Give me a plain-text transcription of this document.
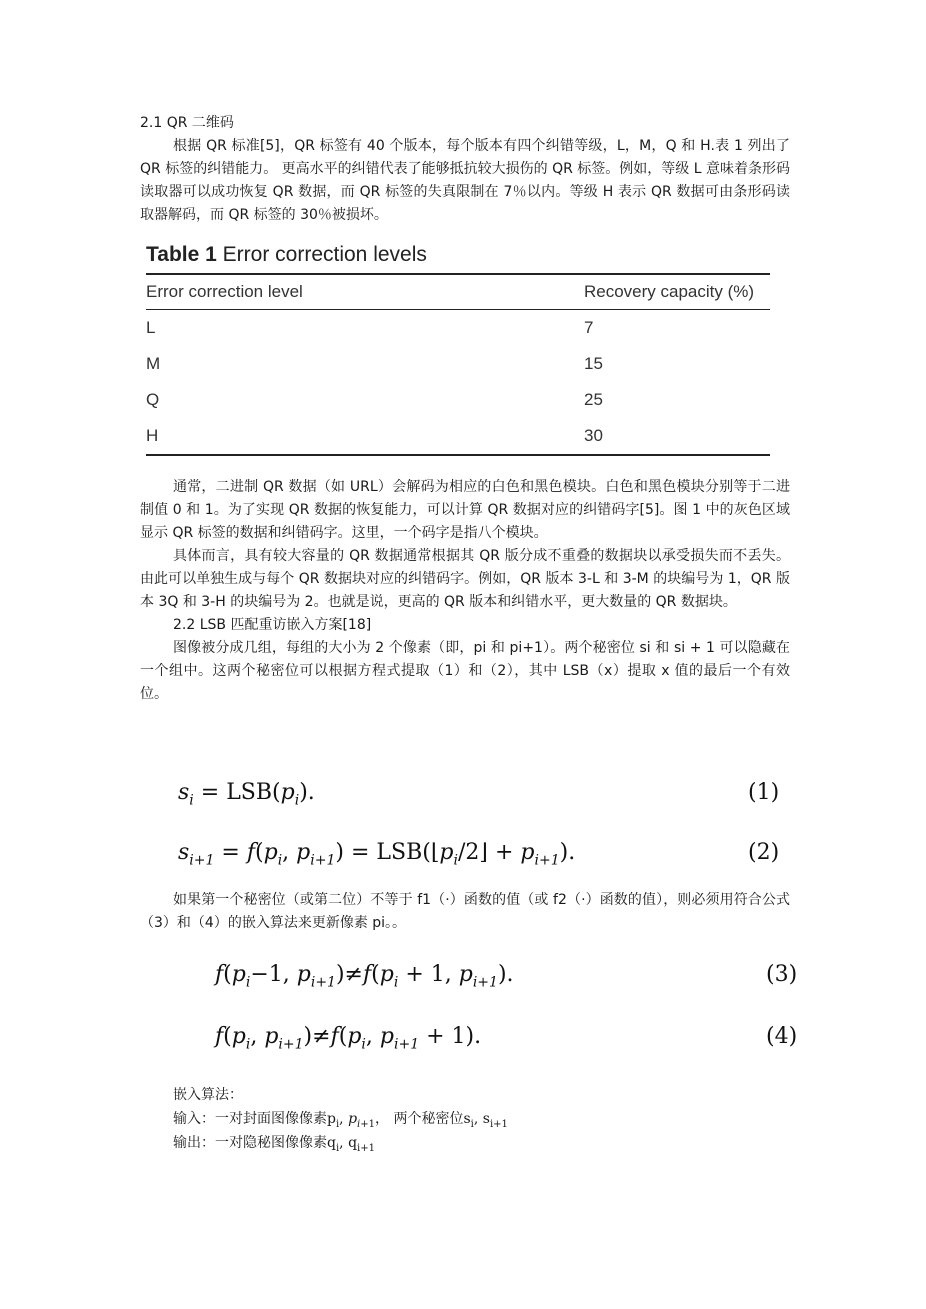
2.1 QR 二维码

根据 QR 标准[5]，QR 标签有 40 个版本，每个版本有四个纠错等级，L，M，Q 和 H.表 1 列出了 QR 标签的纠错能力。 更高水平的纠错代表了能够抵抗较大损伤的 QR 标签。例如，等级 L 意味着条形码读取器可以成功恢复 QR 数据，而 QR 标签的失真限制在 7％以内。等级 H 表示 QR 数据可由条形码读取器解码，而 QR 标签的 30％被损坏。

Table 1 Error correction levels
Error correction level	Recovery capacity (%)
L	7
M	15
Q	25
H	30

通常，二进制 QR 数据（如 URL）会解码为相应的白色和黑色模块。白色和黑色模块分别等于二进制值 0 和 1。为了实现 QR 数据的恢复能力，可以计算 QR 数据对应的纠错码字[5]。图 1 中的灰色区域显示 QR 标签的数据和纠错码字。这里，一个码字是指八个模块。

具体而言，具有较大容量的 QR 数据通常根据其 QR 版分成不重叠的数据块以承受损失而不丢失。 由此可以单独生成与每个 QR 数据块对应的纠错码字。例如，QR 版本 3-L 和 3-M 的块编号为 1，QR 版本 3Q 和 3-H 的块编号为 2。也就是说，更高的 QR 版本和纠错水平，更大数量的 QR 数据块。

2.2 LSB 匹配重访嵌入方案[18]

图像被分成几组，每组的大小为 2 个像素（即，pi 和 pi+1）。两个秘密位 si 和 si + 1 可以隐藏在一个组中。这两个秘密位可以根据方程式提取（1）和（2），其中 LSB（x）提取 x 值的最后一个有效位。

$s_i = LSB(p_i)$.	(1)
$s_{i+1} = f(p_i$, $p_{i+1}$) = $LSB(⌊p_i/2⌋ + p_{i+1})$.	(2)

如果第一个秘密位（或第二位）不等于 f1（·）函数的值（或 f2（·）函数的值），则必须用符合公式（3）和（4）的嵌入算法来更新像素 pi。。

$f(p_i-1$, $p_{i+1})\ne f(p_i + 1$, $p_{i+1}$).	(3)
$f(p_i$, $p_{i+1})\ne f(p_i$, $p_{i+1} + 1$).	(4)
嵌入算法：
输入：一对封面图像像素$p_i$, $p_{i+1}$， 两个秘密位$s_i$, $s_{i+1}$
输出：一对隐秘图像像素$q_i$, $q_{i+1}$
